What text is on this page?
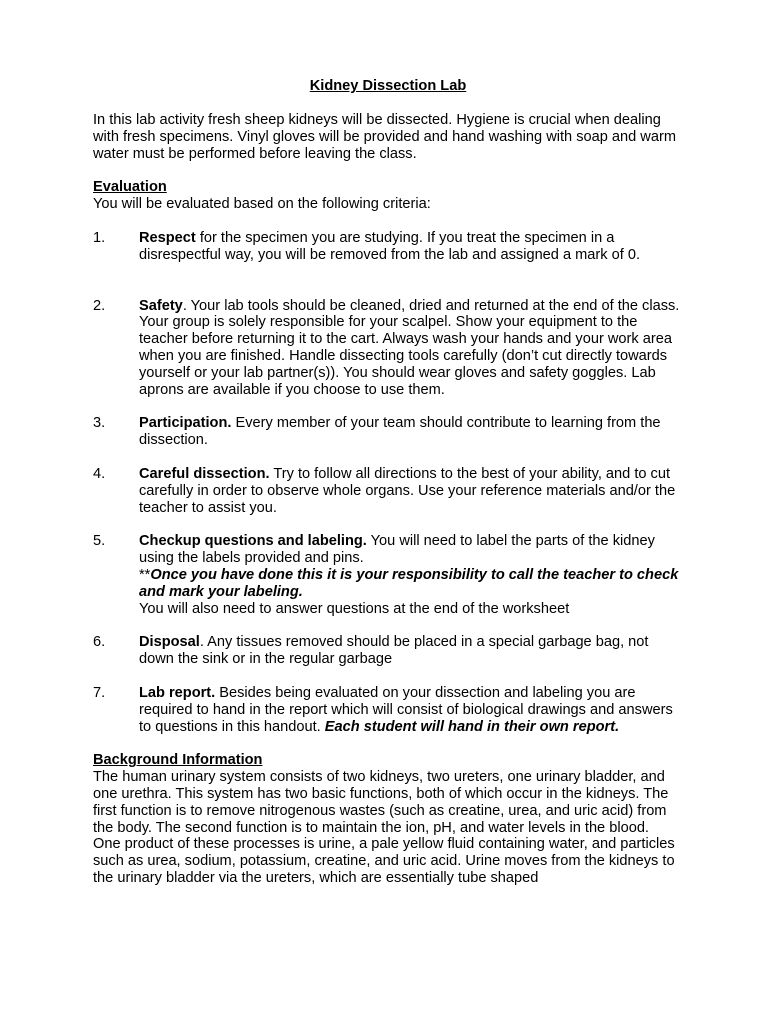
Kidney Dissection Lab

In this lab activity fresh sheep kidneys will be dissected. Hygiene is crucial when dealing with fresh specimens. Vinyl gloves will be provided and hand washing with soap and warm water must be performed before leaving the class.

Evaluation

You will be evaluated based on the following criteria:

1.	Respect for the specimen you are studying. If you treat the specimen in a disrespectful way, you will be removed from the lab and assigned a mark of 0.
2.	Safety. Your lab tools should be cleaned, dried and returned at the end of the class. Your group is solely responsible for your scalpel. Show your equipment to the teacher before returning it to the cart. Always wash your hands and your work area when you are finished. Handle dissecting tools carefully (don’t cut directly towards yourself or your lab partner(s)). You should wear gloves and safety goggles. Lab aprons are available if you choose to use them.
3.	Participation. Every member of your team should contribute to learning from the dissection.
4.	Careful dissection. Try to follow all directions to the best of your ability, and to cut carefully in order to observe whole organs. Use your reference materials and/or the teacher to assist you.
5.	Checkup questions and labeling. You will need to label the parts of the kidney using the labels provided and pins.
**Once you have done this it is your responsibility to call the teacher to check and mark your labeling.
You will also need to answer questions at the end of the worksheet
6.	Disposal. Any tissues removed should be placed in a special garbage bag, not down the sink or in the regular garbage
7.	Lab report. Besides being evaluated on your dissection and labeling you are required to hand in the report which will consist of biological drawings and answers to questions in this handout. Each student will hand in their own report.
Background Information

The human urinary system consists of two kidneys, two ureters, one urinary bladder, and one urethra. This system has two basic functions, both of which occur in the kidneys. The first function is to remove nitrogenous wastes (such as creatine, urea, and uric acid) from the body. The second function is to maintain the ion, pH, and water levels in the blood.

One product of these processes is urine, a pale yellow fluid containing water, and particles such as urea, sodium, potassium, creatine, and uric acid. Urine moves from the kidneys to the urinary bladder via the ureters, which are essentially tube shaped
